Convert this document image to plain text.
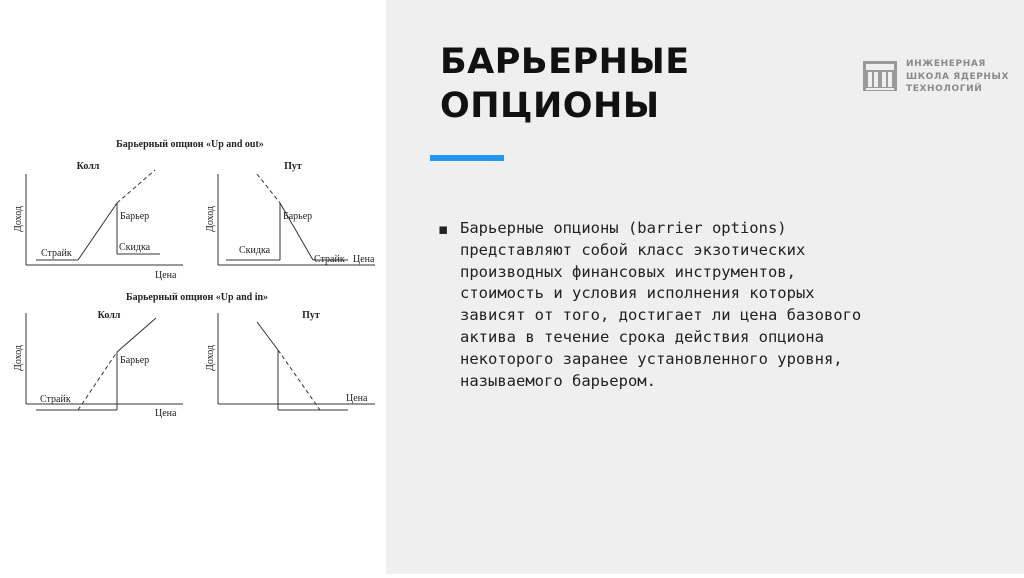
Барьерный опцион «Up and out»
Колл
Доход
Цена
Страйк
Барьер
Скидка
Пут
Доход
Цена
Барьер
Скидка
Страйк
Барьерный опцион «Up and in»
Колл
Доход
Цена
Страйк
Барьер
Пут
Доход
Цена
БАРЬЕРНЫЕ
ОПЦИОНЫ
ИНЖЕНЕРНАЯ
ШКОЛА ЯДЕРНЫХ
ТЕХНОЛОГИЙ
▪ Барьерные опционы (barrier options)
представляют собой класс экзотических
производных финансовых инструментов,
стоимость и условия исполнения которых
зависят от того, достигает ли цена базового
актива в течение срока действия опциона
некоторого заранее установленного уровня,
называемого барьером.
